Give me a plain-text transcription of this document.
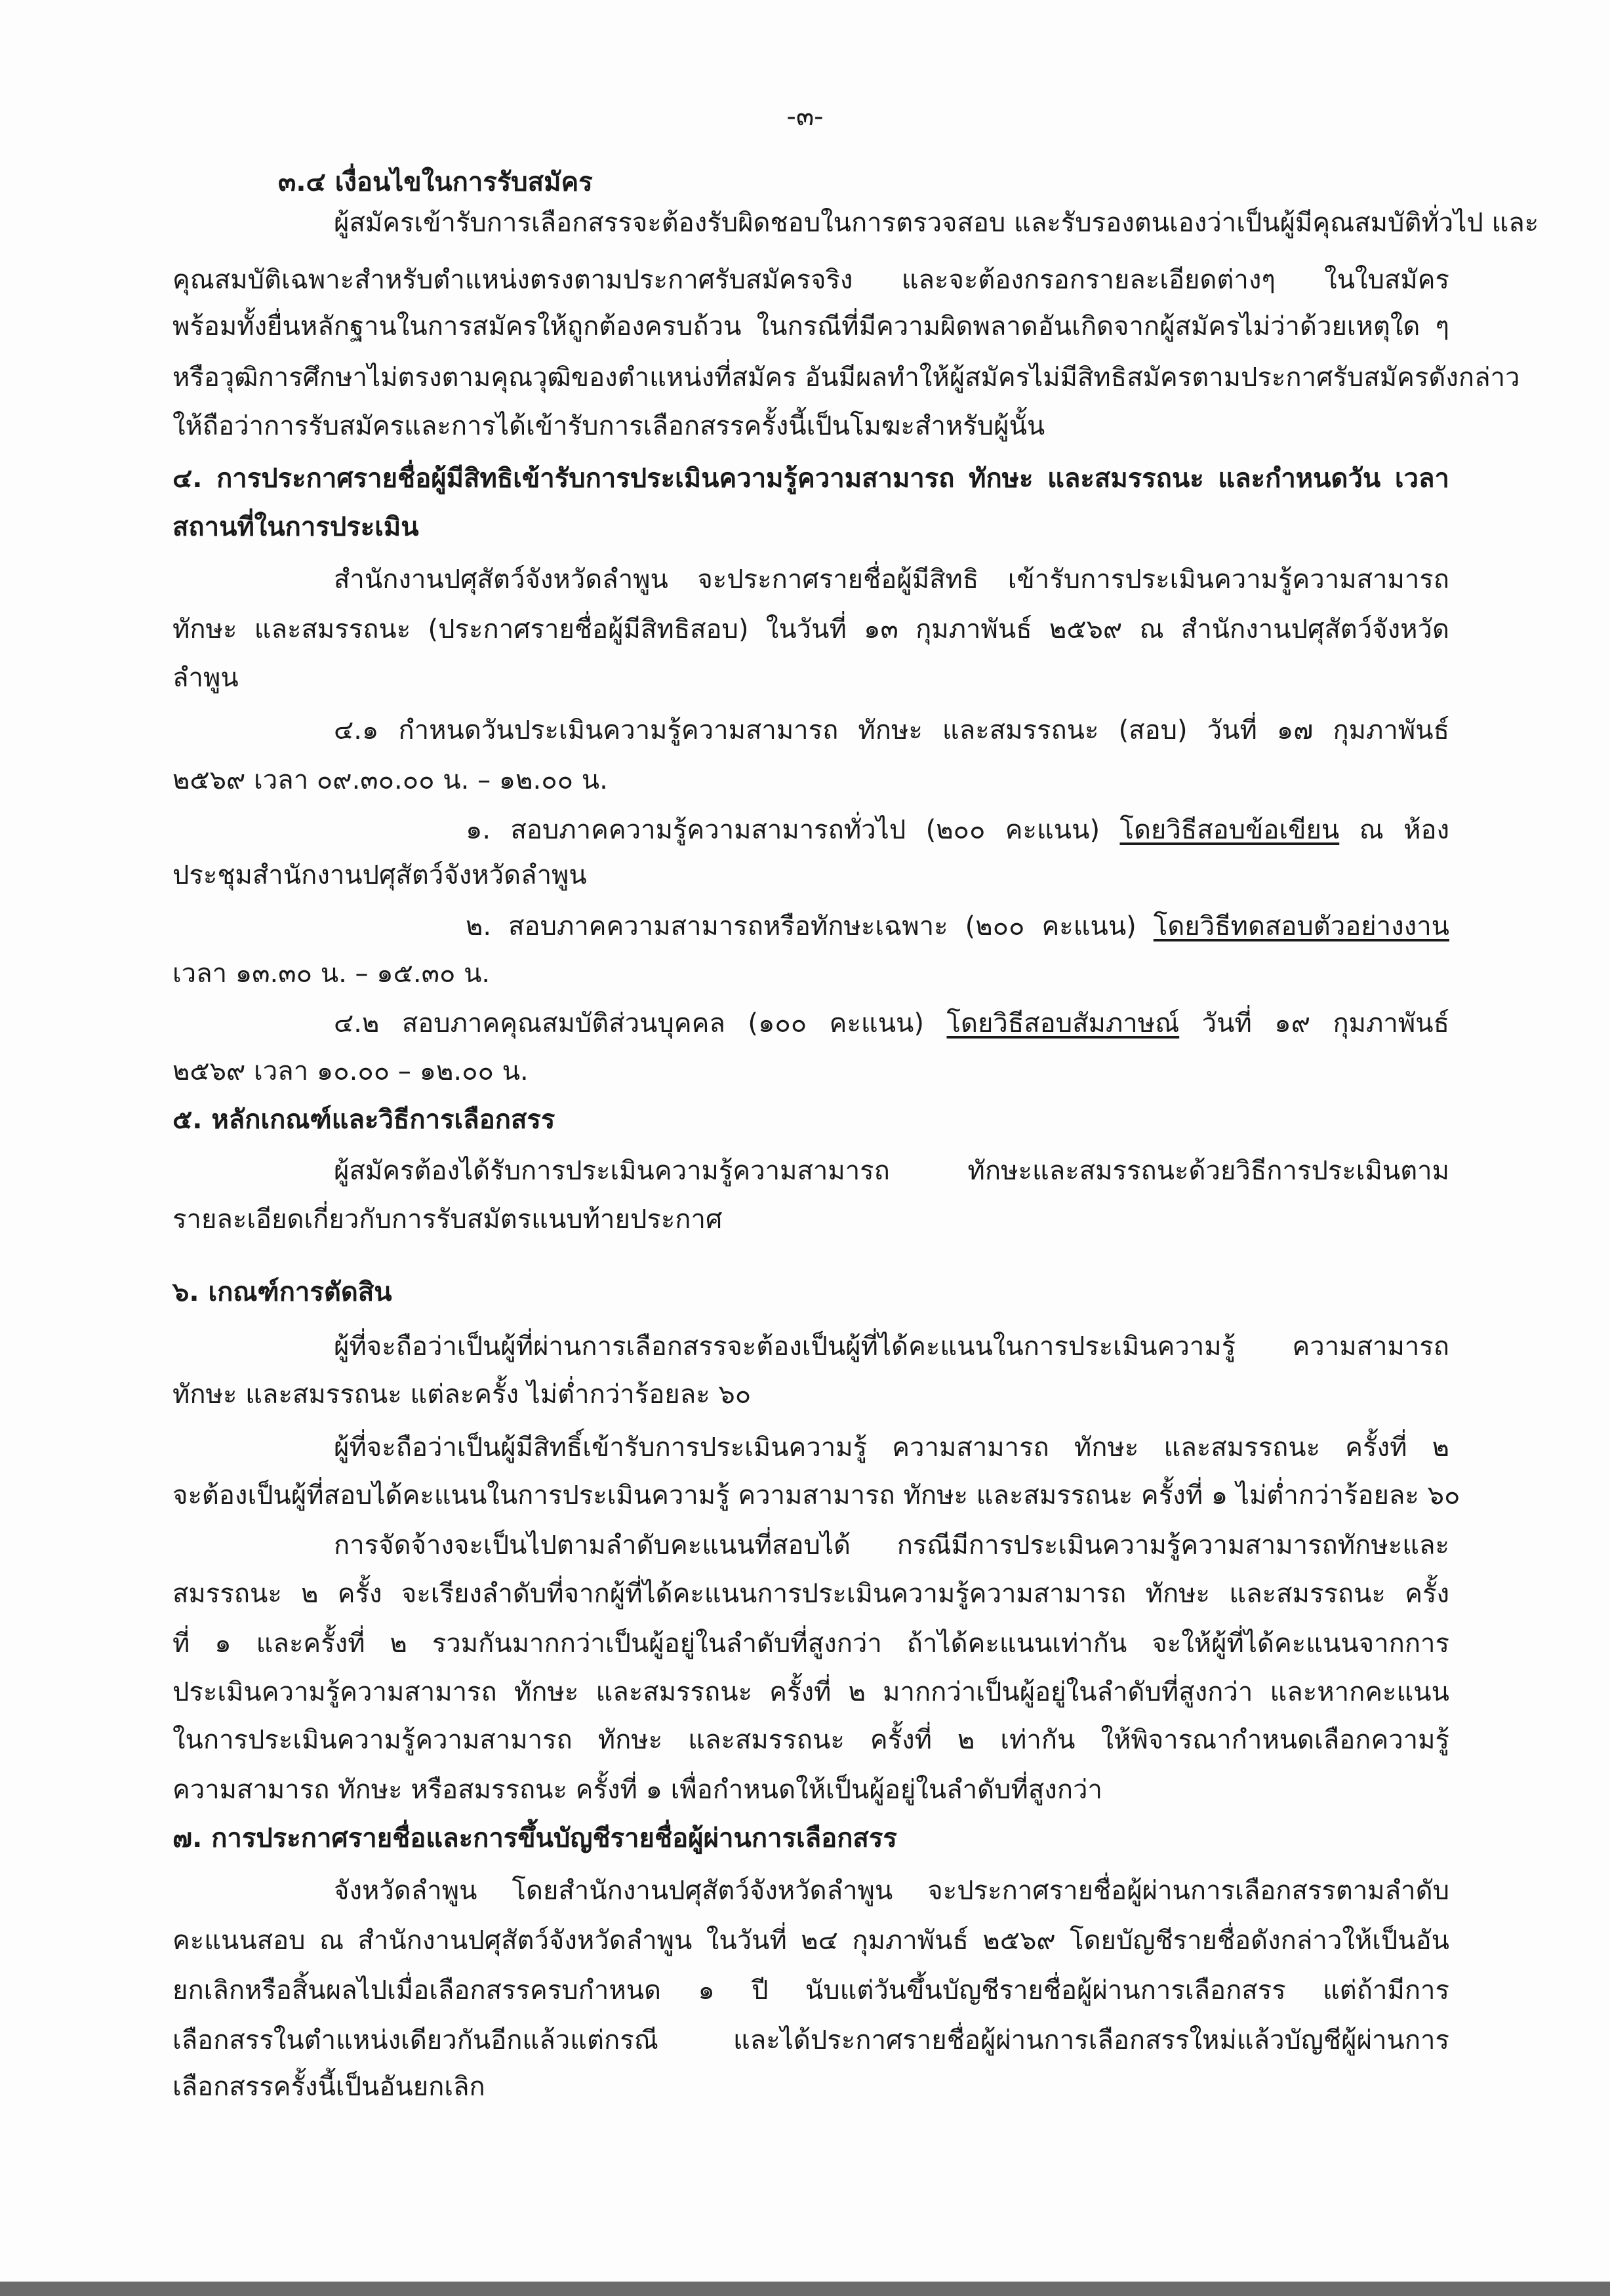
-๓-
๓.๔ เงื่อนไขในการรับสมัคร
ผู้สมัครเข้ารับการเลือกสรรจะต้องรับผิดชอบในการตรวจสอบ และรับรองตนเองว่าเป็นผู้มีคุณสมบัติทั่วไป และ
คุณสมบัติเฉพาะสำหรับตำแหน่งตรงตามประกาศรับสมัครจริง และจะต้องกรอกรายละเอียดต่างๆ ในใบสมัคร
พร้อมทั้งยื่นหลักฐานในการสมัครให้ถูกต้องครบถ้วน ในกรณีที่มีความผิดพลาดอันเกิดจากผู้สมัครไม่ว่าด้วยเหตุใด ๆ
หรือวุฒิการศึกษาไม่ตรงตามคุณวุฒิของตำแหน่งที่สมัคร อันมีผลทำให้ผู้สมัครไม่มีสิทธิสมัครตามประกาศรับสมัครดังกล่าว
ให้ถือว่าการรับสมัครและการได้เข้ารับการเลือกสรรครั้งนี้เป็นโมฆะสำหรับผู้นั้น
๔. การประกาศรายชื่อผู้มีสิทธิเข้ารับการประเมินความรู้ความสามารถ ทักษะ และสมรรถนะ และกำหนดวัน เวลา
สถานที่ในการประเมิน
สำนักงานปศุสัตว์จังหวัดลำพูน จะประกาศรายชื่อผู้มีสิทธิ เข้ารับการประเมินความรู้ความสามารถ
ทักษะ และสมรรถนะ (ประกาศรายชื่อผู้มีสิทธิสอบ) ในวันที่ ๑๓ กุมภาพันธ์ ๒๕๖๙ ณ สำนักงานปศุสัตว์จังหวัด
ลำพูน
๔.๑ กำหนดวันประเมินความรู้ความสามารถ ทักษะ และสมรรถนะ (สอบ) วันที่ ๑๗ กุมภาพันธ์
๒๕๖๙ เวลา ๐๙.๓๐.๐๐ น. – ๑๒.๐๐ น.
๑. สอบภาคความรู้ความสามารถทั่วไป (๒๐๐ คะแนน) โดยวิธีสอบข้อเขียน ณ ห้อง
ประชุมสำนักงานปศุสัตว์จังหวัดลำพูน
๒. สอบภาคความสามารถหรือทักษะเฉพาะ (๒๐๐ คะแนน) โดยวิธีทดสอบตัวอย่างงาน
เวลา ๑๓.๓๐ น. – ๑๕.๓๐ น.
๔.๒ สอบภาคคุณสมบัติส่วนบุคคล (๑๐๐ คะแนน) โดยวิธีสอบสัมภาษณ์ วันที่ ๑๙ กุมภาพันธ์
๒๕๖๙ เวลา ๑๐.๐๐ – ๑๒.๐๐ น.
๕. หลักเกณฑ์และวิธีการเลือกสรร
ผู้สมัครต้องได้รับการประเมินความรู้ความสามารถ ทักษะและสมรรถนะด้วยวิธีการประเมินตาม
รายละเอียดเกี่ยวกับการรับสมัตรแนบท้ายประกาศ
๖. เกณฑ์การตัดสิน
ผู้ที่จะถือว่าเป็นผู้ที่ผ่านการเลือกสรรจะต้องเป็นผู้ที่ได้คะแนนในการประเมินความรู้ ความสามารถ
ทักษะ และสมรรถนะ แต่ละครั้ง ไม่ต่ำกว่าร้อยละ ๖๐
ผู้ที่จะถือว่าเป็นผู้มีสิทธิ์เข้ารับการประเมินความรู้ ความสามารถ ทักษะ และสมรรถนะ ครั้งที่ ๒
จะต้องเป็นผู้ที่สอบได้คะแนนในการประเมินความรู้ ความสามารถ ทักษะ และสมรรถนะ ครั้งที่ ๑ ไม่ต่ำกว่าร้อยละ ๖๐
การจัดจ้างจะเป็นไปตามลำดับคะแนนที่สอบได้ กรณีมีการประเมินความรู้ความสามารถทักษะและ
สมรรถนะ ๒ ครั้ง จะเรียงลำดับที่จากผู้ที่ได้คะแนนการประเมินความรู้ความสามารถ ทักษะ และสมรรถนะ ครั้ง
ที่ ๑ และครั้งที่ ๒ รวมกันมากกว่าเป็นผู้อยู่ในลำดับที่สูงกว่า ถ้าได้คะแนนเท่ากัน จะให้ผู้ที่ได้คะแนนจากการ
ประเมินความรู้ความสามารถ ทักษะ และสมรรถนะ ครั้งที่ ๒ มากกว่าเป็นผู้อยู่ในลำดับที่สูงกว่า และหากคะแนน
ในการประเมินความรู้ความสามารถ ทักษะ และสมรรถนะ ครั้งที่ ๒ เท่ากัน ให้พิจารณากำหนดเลือกความรู้
ความสามารถ ทักษะ หรือสมรรถนะ ครั้งที่ ๑ เพื่อกำหนดให้เป็นผู้อยู่ในลำดับที่สูงกว่า
๗. การประกาศรายชื่อและการขึ้นบัญชีรายชื่อผู้ผ่านการเลือกสรร
จังหวัดลำพูน โดยสำนักงานปศุสัตว์จังหวัดลำพูน จะประกาศรายชื่อผู้ผ่านการเลือกสรรตามลำดับ
คะแนนสอบ ณ สำนักงานปศุสัตว์จังหวัดลำพูน ในวันที่ ๒๔ กุมภาพันธ์ ๒๕๖๙ โดยบัญชีรายชื่อดังกล่าวให้เป็นอัน
ยกเลิกหรือสิ้นผลไปเมื่อเลือกสรรครบกำหนด ๑ ปี นับแต่วันขึ้นบัญชีรายชื่อผู้ผ่านการเลือกสรร แต่ถ้ามีการ
เลือกสรรในตำแหน่งเดียวกันอีกแล้วแต่กรณี และได้ประกาศรายชื่อผู้ผ่านการเลือกสรรใหม่แล้วบัญชีผู้ผ่านการ
เลือกสรรครั้งนี้เป็นอันยกเลิก
